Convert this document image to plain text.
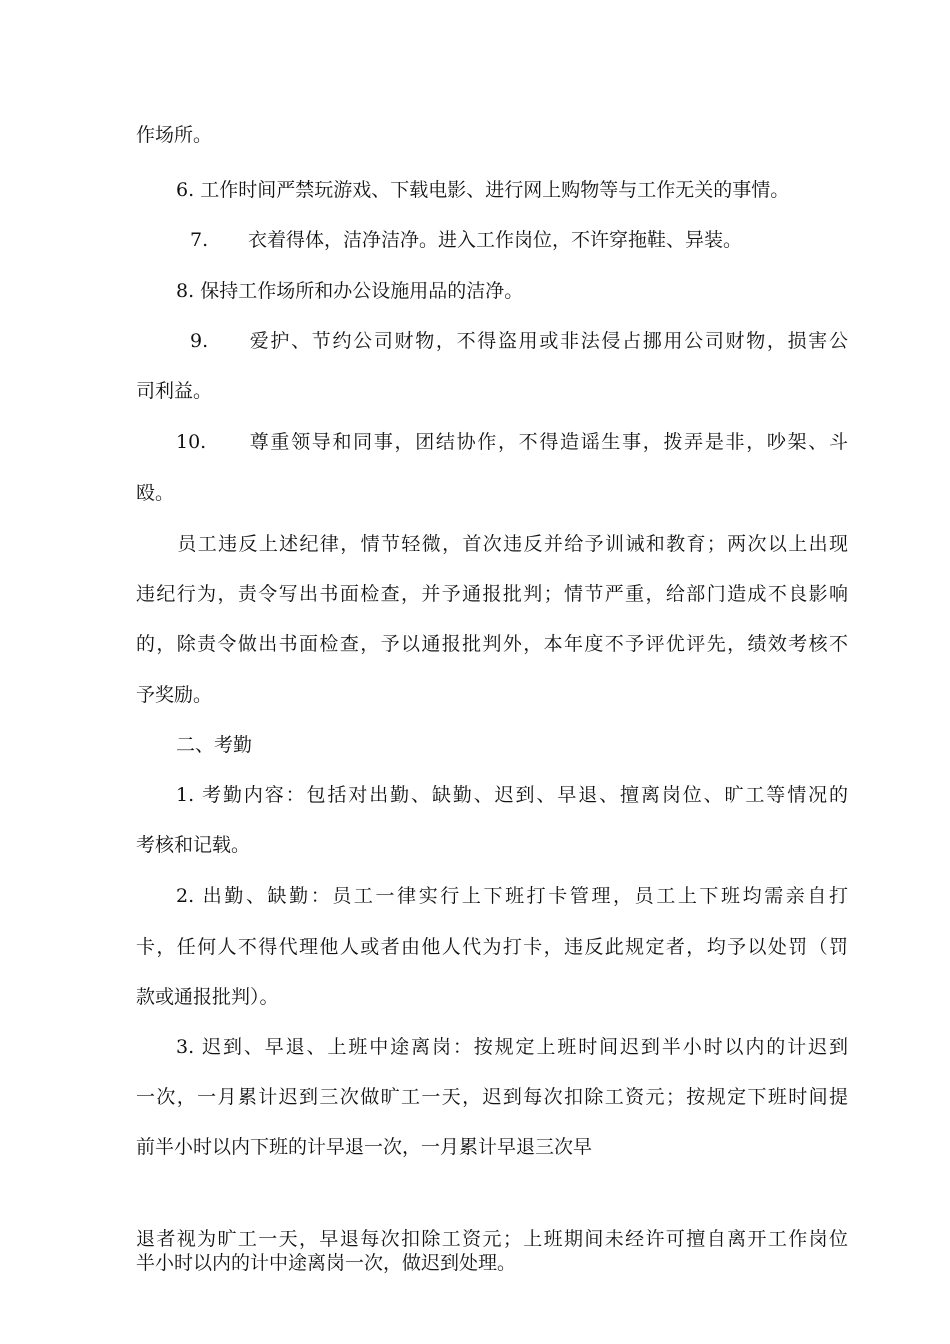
作场所。
6. 工作时间严禁玩游戏、下载电影、进行网上购物等与工作无关的事情。
7. 衣着得体，洁净洁净。进入工作岗位，不许穿拖鞋、异装。
8. 保持工作场所和办公设施用品的洁净。
9. 爱护、节约公司财物，不得盗用或非法侵占挪用公司财物，损害公
司利益。
10. 尊重领导和同事，团结协作，不得造谣生事，拨弄是非，吵架、斗
殴。
员工违反上述纪律，情节轻微，首次违反并给予训诫和教育；两次以上出现
违纪行为，责令写出书面检查，并予通报批判；情节严重，给部门造成不良影响
的，除责令做出书面检查，予以通报批判外，本年度不予评优评先，绩效考核不
予奖励。
二、考勤
1. 考勤内容：包括对出勤、缺勤、迟到、早退、擅离岗位、旷工等情况的
考核和记载。
2. 出勤、缺勤：员工一律实行上下班打卡管理，员工上下班均需亲自打
卡，任何人不得代理他人或者由他人代为打卡，违反此规定者，均予以处罚（罚
款或通报批判）。
3. 迟到、早退、上班中途离岗：按规定上班时间迟到半小时以内的计迟到
一次，一月累计迟到三次做旷工一天，迟到每次扣除工资元；按规定下班时间提
前半小时以内下班的计早退一次，一月累计早退三次早
退者视为旷工一天，早退每次扣除工资元；上班期间未经许可擅自离开工作岗位
半小时以内的计中途离岗一次，做迟到处理。
